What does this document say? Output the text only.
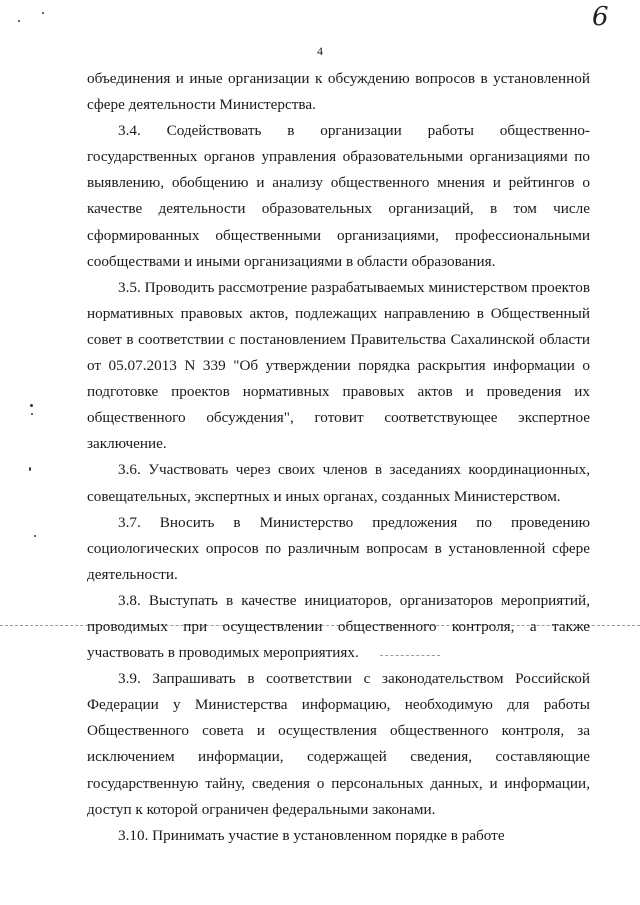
4
6

объединения и иные организации к обсуждению вопросов в установленной сфере деятельности Министерства.

3.4. Содействовать в организации работы общественно-государственных органов управления образовательными организациями по выявлению, обобщению и анализу общественного мнения и рейтингов о качестве деятельности образовательных организаций, в том числе сформированных общественными организациями, профессиональными сообществами и иными организациями в области образования.

3.5. Проводить рассмотрение разрабатываемых министерством проектов нормативных правовых актов, подлежащих направлению в Общественный совет в соответствии с постановлением Правительства Сахалинской области от 05.07.2013 N 339 "Об утверждении порядка раскрытия информации о подготовке проектов нормативных правовых актов и проведения их общественного обсуждения", готовит соответствующее экспертное заключение.

3.6. Участвовать через своих членов в заседаниях координационных, совещательных, экспертных и иных органах, созданных Министерством.

3.7. Вносить в Министерство предложения по проведению социологических опросов по различным вопросам в установленной сфере деятельности.

3.8. Выступать в качестве инициаторов, организаторов мероприятий, проводимых при осуществлении общественного контроля, а также участвовать в проводимых мероприятиях.

3.9. Запрашивать в соответствии с законодательством Российской Федерации у Министерства информацию, необходимую для работы Общественного совета и осуществления общественного контроля, за исключением информации, содержащей сведения, составляющие государственную тайну, сведения о персональных данных, и информации, доступ к которой ограничен федеральными законами.

3.10. Принимать участие в установленном порядке в работе
